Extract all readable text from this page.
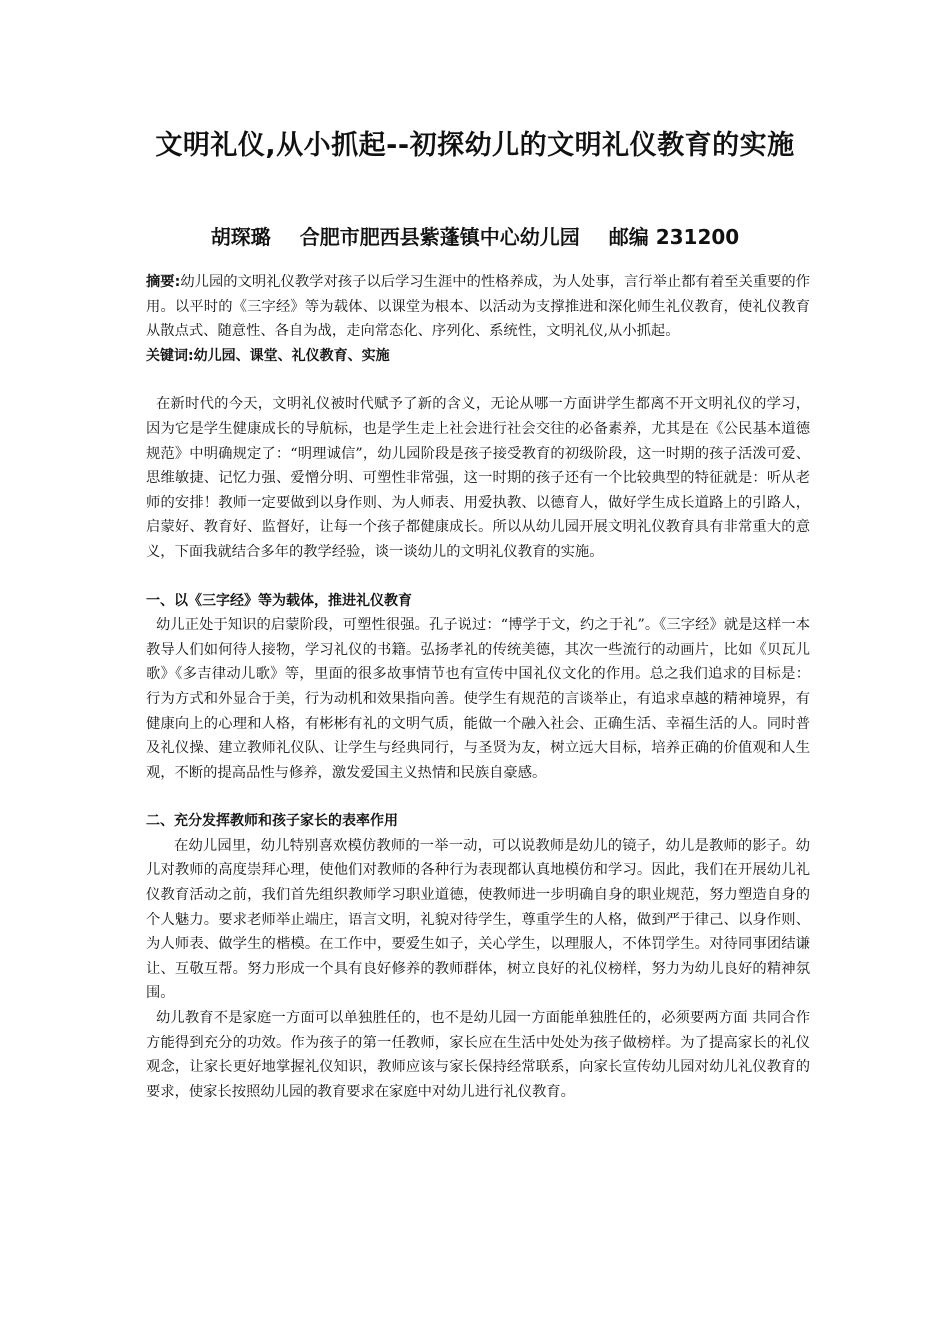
文明礼仪,从小抓起--初探幼儿的文明礼仪教育的实施
胡琛璐 合肥市肥西县紫蓬镇中心幼儿园 邮编 231200

摘要:幼儿园的文明礼仪教学对孩子以后学习生涯中的性格养成，为人处事，言行举止都有着至关重要的作用。以平时的《三字经》等为载体、以课堂为根本、以活动为支撑推进和深化师生礼仪教育，使礼仪教育从散点式、随意性、各自为战，走向常态化、序列化、系统性，文明礼仪,从小抓起。

关键词:幼儿园、课堂、礼仪教育、实施

在新时代的今天，文明礼仪被时代赋予了新的含义，无论从哪一方面讲学生都离不开文明礼仪的学习，因为它是学生健康成长的导航标，也是学生走上社会进行社会交往的必备素养，尤其是在《公民基本道德规范》中明确规定了：“明理诚信”，幼儿园阶段是孩子接受教育的初级阶段，这一时期的孩子活泼可爱、思维敏捷、记忆力强、爱憎分明、可塑性非常强，这一时期的孩子还有一个比较典型的特征就是：听从老师的安排！教师一定要做到以身作则、为人师表、用爱执教、以德育人，做好学生成长道路上的引路人，启蒙好、教育好、监督好，让每一个孩子都健康成长。所以从幼儿园开展文明礼仪教育具有非常重大的意义，下面我就结合多年的教学经验，谈一谈幼儿的文明礼仪教育的实施。

一、以《三字经》等为载体，推进礼仪教育

幼儿正处于知识的启蒙阶段，可塑性很强。孔子说过：“博学于文，约之于礼”。《三字经》就是这样一本教导人们如何待人接物，学习礼仪的书籍。弘扬孝礼的传统美德，其次一些流行的动画片，比如《贝瓦儿歌》《多吉律动儿歌》等，里面的很多故事情节也有宣传中国礼仪文化的作用。总之我们追求的目标是：行为方式和外显合于美，行为动机和效果指向善。使学生有规范的言谈举止，有追求卓越的精神境界，有健康向上的心理和人格，有彬彬有礼的文明气质，能做一个融入社会、正确生活、幸福生活的人。同时普及礼仪操、建立教师礼仪队、让学生与经典同行，与圣贤为友，树立远大目标，培养正确的价值观和人生观，不断的提高品性与修养，激发爱国主义热情和民族自豪感。

二、充分发挥教师和孩子家长的表率作用

在幼儿园里，幼儿特别喜欢模仿教师的一举一动，可以说教师是幼儿的镜子，幼儿是教师的影子。幼儿对教师的高度崇拜心理，使他们对教师的各种行为表现都认真地模仿和学习。因此，我们在开展幼儿礼仪教育活动之前，我们首先组织教师学习职业道德，使教师进一步明确自身的职业规范，努力塑造自身的个人魅力。要求老师举止端庄，语言文明，礼貌对待学生，尊重学生的人格，做到严于律己、以身作则、为人师表、做学生的楷模。在工作中，要爱生如子，关心学生，以理服人，不体罚学生。对待同事团结谦让、互敬互帮。努力形成一个具有良好修养的教师群体，树立良好的礼仪榜样，努力为幼儿良好的精神氛围。

幼儿教育不是家庭一方面可以单独胜任的，也不是幼儿园一方面能单独胜任的，必须要两方面 共同合作方能得到充分的功效。作为孩子的第一任教师，家长应在生活中处处为孩子做榜样。为了提高家长的礼仪观念，让家长更好地掌握礼仪知识，教师应该与家长保持经常联系，向家长宣传幼儿园对幼儿礼仪教育的要求，使家长按照幼儿园的教育要求在家庭中对幼儿进行礼仪教育。
